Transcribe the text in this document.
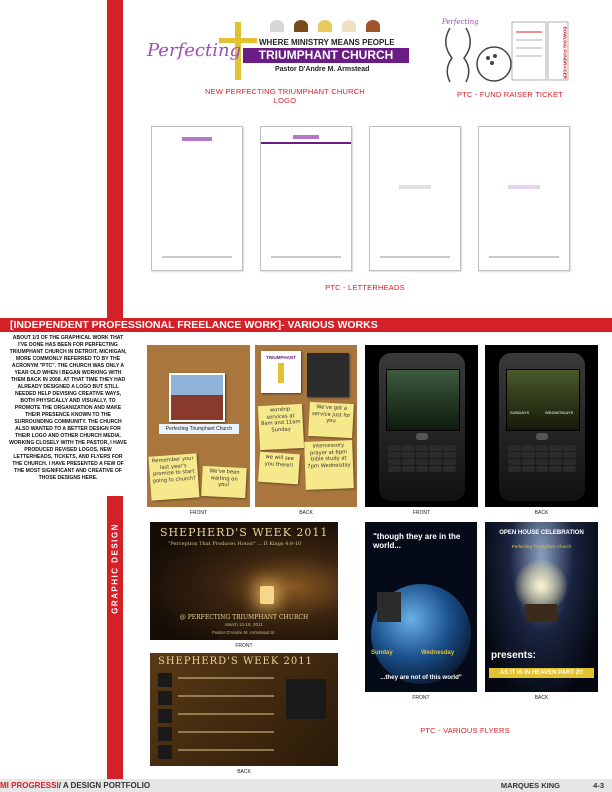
Perfecting WHERE MINISTRY MEANS PEOPLE
TRIUMPHANT CHURCH
Pastor D'Andre M. Armstead
NEW PERFECTING TRIUMPHANT CHURCH
LOGO
Perfecting
BOWLING FUNDRAISER
PTC - FUND RAISER TICKET
PTC - LETTERHEADS
[INDEPENDENT PROFESSIONAL FREELANCE WORK]- VARIOUS WORKS
GRAPHIC DESIGN
ABOUT 1/3 OF THE GRAPHICAL WORK THAT I'VE DONE HAS BEEN FOR PERFECTING TRIUMPHANT CHURCH IN DETROIT, MICHIGAN, MORE COMMONLY REFERRED TO BY THE ACRONYM "PTC". THE CHURCH WAS ONLY A YEAR OLD WHEN I BEGAN WORKING WITH THEM BACK IN 2008. AT THAT TIME THEY HAD ALREADY DESIGNED A LOGO BUT STILL NEEDED HELP DEVISING CREATIVE WAYS, BOTH PHYSICALLY AND VISUALLY, TO PROMOTE THE ORGANIZATION AND MAKE THEIR PRESENCE KNOWN TO THE SURROUNDING COMMUNITY. THE CHURCH ALSO WANTED TO A BETTER DESIGN FOR THEIR LOGO AND OTHER CHURCH MEDIA. WORKING CLOSELY WITH THE PASTOR, I HAVE PRODUCED REVISED LOGOS, NEW LETTERHEADS, TICKETS, AND FLYERS FOR THE CHURCH. I HAVE PRESENTED A FEW OF THE MOST SIGNIFICANT AND CREATIVE OF THOSE DESIGNS HERE.
Perfecting Triumphant Church
Remember your last year's promise to start going to church?
We've been waiting on you!
FRONT
TRIUMPHANT
worship services at 8am and 11am Sunday
We've got a service just for you
we will see you there!!
intercessory prayer at 6pm bible study at 7pm Wednesday
BACK	FRONT
SUNDAYS	WEDNESDAYS
BACK
SHEPHERD'S WEEK 2011
"Perception That Produces Honor" ... II Kings 4:8-10
@ PERFECTING TRIUMPHANT CHURCH
March 13-18, 2011
Pastor D'Andre M. Armstead Sr.
FRONT
SHEPHERD'S WEEK 2011
BACK
"though they are in the world...
Sunday	Wednesday
...they are not of this world"
FRONT
OPEN HOUSE CELEBRATION
Perfecting Triumphant Church
presents:
AS IT IS IN HEAVEN PART 2!!
BACK
PTC - VARIOUS FLYERS
MI PROGRESSI/ A DESIGN PORTFOLIO	MARQUES KING	4-3
